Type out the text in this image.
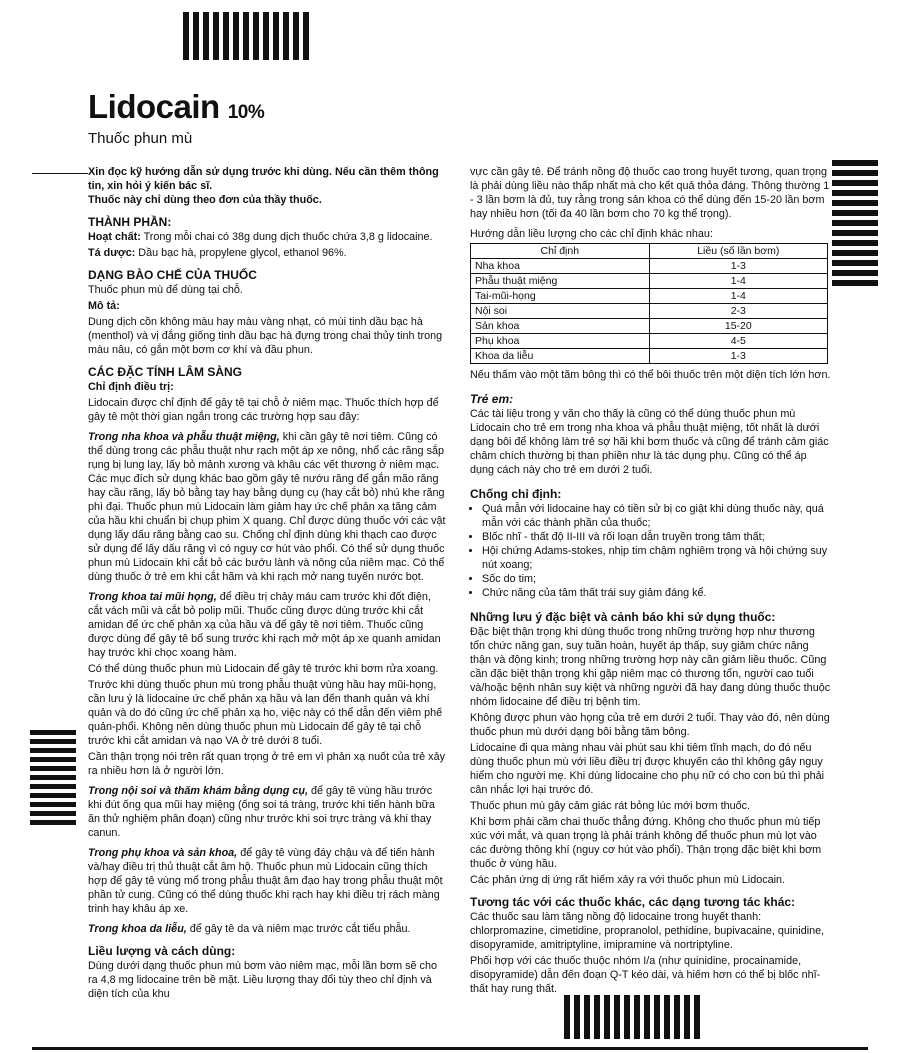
Lidocain 10%
Thuốc phun mù

Xin đọc kỹ hướng dẫn sử dụng trước khi dùng. Nếu cần thêm thông tin, xin hỏi ý kiến bác sĩ.
Thuốc này chỉ dùng theo đơn của thầy thuốc.

THÀNH PHẦN:

Hoạt chất: Trong mỗi chai có 38g dung dịch thuốc chứa 3,8 g lidocaine.

Tá dược: Dầu bạc hà, propylene glycol, ethanol 96%.

DẠNG BÀO CHẾ CỦA THUỐC

Thuốc phun mù để dùng tại chỗ.

Mô tả:

Dung dịch cồn không màu hay màu vàng nhạt, có mùi tinh dầu bạc hà (menthol) và vị đắng giống tinh dầu bạc hà đựng trong chai thủy tinh trong màu nâu, có gắn một bơm cơ khí và đầu phun.

CÁC ĐẶC TÍNH LÂM SÀNG

Chỉ định điều trị:

Lidocain được chỉ định để gây tê tại chỗ ở niêm mạc. Thuốc thích hợp để gây tê một thời gian ngắn trong các trường hợp sau đây:

Trong nha khoa và phẫu thuật miệng, khi cần gây tê nơi tiêm. Cũng có thể dùng trong các phẫu thuật như rạch một áp xe nông, nhổ các răng sắp rụng bị lung lay, lấy bỏ mảnh xương và khâu các vết thương ở niêm mạc. Các mục đích sử dụng khác bao gồm gây tê nướu răng để gắn mão răng hay cầu răng, lấy bỏ bằng tay hay bằng dụng cụ (hay cắt bỏ) nhú khe răng phì đại. Thuốc phun mù Lidocain làm giảm hay ức chế phản xạ tăng cảm của hầu khi chuẩn bị chụp phim X quang. Chỉ được dùng thuốc với các vật dụng lấy dấu răng bằng cao su. Chống chỉ định dùng khi thạch cao được sử dụng để lấy dấu răng vì có nguy cơ hút vào phổi. Có thể sử dụng thuốc phun mù Lidocain khi cắt bỏ các bướu lành và nông của niêm mạc. Có thể dùng thuốc ở trẻ em khi cắt hãm và khi rạch mở nang tuyến nước bọt.

Trong khoa tai mũi họng, để điều trị chảy máu cam trước khi đốt điện, cắt vách mũi và cắt bỏ polip mũi. Thuốc cũng được dùng trước khi cắt amidan để ức chế phản xạ của hầu và để gây tê nơi tiêm. Thuốc cũng được dùng để gây tê bổ sung trước khi rạch mở một áp xe quanh amidan hay trước khi chọc xoang hàm.

Có thể dùng thuốc phun mù Lidocain để gây tê trước khi bơm rửa xoang.

Trước khi dùng thuốc phun mù trong phẫu thuật vùng hầu hay mũi-họng, cần lưu ý là lidocaine ức chế phản xạ hầu và lan đến thanh quản và khí quản và do đó cũng ức chế phản xạ ho, việc này có thể dẫn đến viêm phế quản-phổi. Không nên dùng thuốc phun mù Lidocain để gây tê tại chỗ trước khi cắt amidan và nạo VA ở trẻ dưới 8 tuổi.

Cần thận trọng nói trên rất quan trọng ở trẻ em vì phản xạ nuốt của trẻ xảy ra nhiều hơn là ở người lớn.

Trong nội soi và thăm khám bằng dụng cụ, để gây tê vùng hầu trước khi đút ống qua mũi hay miệng (ống soi tá tràng, trước khi tiến hành bữa ăn thử nghiệm phân đoạn) cũng như trước khi soi trực tràng và khi thay canun.

Trong phụ khoa và sản khoa, để gây tê vùng đáy chậu và để tiến hành và/hay điều trị thủ thuật cắt âm hộ. Thuốc phun mù Lidocain cũng thích hợp để gây tê vùng mổ trong phẫu thuật âm đạo hay trong phẫu thuật một phần tử cung. Cũng có thể dùng thuốc khi rạch hay khi điều trị rách màng trinh hay khâu áp xe.

Trong khoa da liễu, để gây tê da và niêm mạc trước cắt tiểu phẫu.

Liều lượng và cách dùng:

Dùng dưới dạng thuốc phun mù bơm vào niêm mạc, mỗi lần bơm sẽ cho ra 4,8 mg lidocaine trên bề mặt. Liều lượng thay đổi tùy theo chỉ định và diện tích của khu

vực cần gây tê. Để tránh nồng độ thuốc cao trong huyết tương, quan trọng là phải dùng liều nào thấp nhất mà cho kết quả thỏa đáng. Thông thường 1 - 3 lần bơm là đủ, tuy rằng trong sản khoa có thể dùng đến 15-20 lần bơm hay nhiều hơn (tối đa 40 lần bơm cho 70 kg thể trọng).

Hướng dẫn liều lượng cho các chỉ định khác nhau:

Chỉ định	Liều (số lần bơm)
Nha khoa	1-3
Phẫu thuật miệng	1-4
Tai-mũi-họng	1-4
Nội soi	2-3
Sản khoa	15-20
Phụ khoa	4-5
Khoa da liễu	1-3

Nếu thấm vào một tăm bông thì có thể bôi thuốc trên một diện tích lớn hơn.

Trẻ em:

Các tài liệu trong y văn cho thấy là cũng có thể dùng thuốc phun mù Lidocain cho trẻ em trong nha khoa và phẫu thuật miệng, tốt nhất là dưới dạng bôi để không làm trẻ sợ hãi khi bơm thuốc và cũng để tránh cảm giác châm chích thường bị than phiền như là tác dụng phụ. Cũng có thể áp dụng cách này cho trẻ em dưới 2 tuổi.

Chống chỉ định:
• Quá mẫn với lidocaine hay có tiền sử bị co giật khi dùng thuốc này, quá mẫn với các thành phần của thuốc;
• Blốc nhĩ - thất độ II-III và rối loạn dẫn truyền trong tâm thất;
• Hội chứng Adams-stokes, nhịp tim chậm nghiêm trọng và hội chứng suy nút xoang;
• Sốc do tim;
• Chức năng của tâm thất trái suy giảm đáng kể.
Những lưu ý đặc biệt và cảnh báo khi sử dụng thuốc:

Đặc biệt thận trọng khi dùng thuốc trong những trường hợp như thương tổn chức năng gan, suy tuần hoàn, huyết áp thấp, suy giảm chức năng thận và động kinh; trong những trường hợp này cần giảm liều thuốc. Cũng cần đặc biệt thận trọng khi gặp niêm mạc có thương tổn, người cao tuổi và/hoặc bệnh nhân suy kiệt và những người đã hay đang dùng thuốc thuộc nhóm lidocaine để điều trị bệnh tim.

Không được phun vào họng của trẻ em dưới 2 tuổi. Thay vào đó, nên dùng thuốc phun mù dưới dạng bôi bằng tăm bông.

Lidocaine đi qua màng nhau vài phút sau khi tiêm tĩnh mạch, do đó nếu dùng thuốc phun mù với liều điều trị được khuyến cáo thì không gây nguy hiểm cho người mẹ. Khi dùng lidocaine cho phụ nữ có cho con bú thì phải cân nhắc lợi hại trước đó.

Thuốc phun mù gây cảm giác rát bỏng lúc mới bơm thuốc.

Khi bơm phải cầm chai thuốc thẳng đứng. Không cho thuốc phun mù tiếp xúc với mắt, và quan trọng là phải tránh không để thuốc phun mù lọt vào các đường thông khí (nguy cơ hút vào phổi). Thận trọng đặc biệt khi bơm thuốc ở vùng hầu.

Các phản ứng dị ứng rất hiếm xảy ra với thuốc phun mù Lidocain.

Tương tác với các thuốc khác, các dạng tương tác khác:

Các thuốc sau làm tăng nồng độ lidocaine trong huyết thanh: chlorpromazine, cimetidine, propranolol, pethidine, bupivacaine, quinidine, disopyramide, amitriptyline, imipramine và nortriptyline.

Phối hợp với các thuốc thuộc nhóm I/a (như quinidine, procainamide, disopyramide) dẫn đến đoạn Q-T kéo dài, và hiếm hơn có thể bị blốc nhĩ-thất hay rung thất.
